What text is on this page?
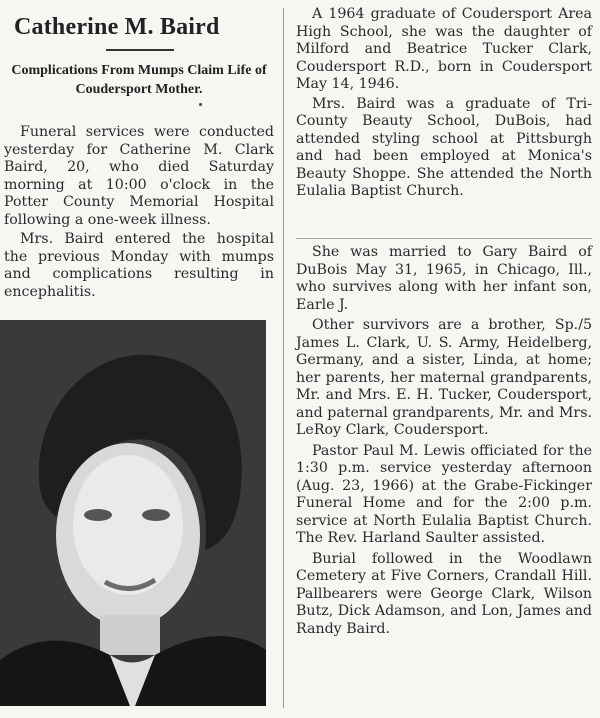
Catherine M. Baird
Complications From Mumps Claim Life of Coudersport Mother.

Funeral services were conducted yesterday for Catherine M. Clark Baird, 20, who died Saturday morning at 10:00 o'clock in the Potter County Memorial Hospital following a one-week illness.

Mrs. Baird entered the hospital the previous Monday with mumps and complications resulting in encephalitis.

A 1964 graduate of Coudersport Area High School, she was the daughter of Milford and Beatrice Tucker Clark, Coudersport R.D., born in Coudersport May 14, 1946.

Mrs. Baird was a graduate of Tri-County Beauty School, DuBois, had attended styling school at Pittsburgh and had been employed at Monica's Beauty Shoppe. She attended the North Eulalia Baptist Church.

She was married to Gary Baird of DuBois May 31, 1965, in Chicago, Ill., who survives along with her infant son, Earle J.

Other survivors are a brother, Sp./5 James L. Clark, U. S. Army, Heidelberg, Germany, and a sister, Linda, at home; her parents, her maternal grandparents, Mr. and Mrs. E. H. Tucker, Coudersport, and paternal grandparents, Mr. and Mrs. LeRoy Clark, Coudersport.

Pastor Paul M. Lewis officiated for the 1:30 p.m. service yesterday afternoon (Aug. 23, 1966) at the Grabe-Fickinger Funeral Home and for the 2:00 p.m. service at North Eulalia Baptist Church. The Rev. Harland Saulter assisted.

Burial followed in the Woodlawn Cemetery at Five Corners, Crandall Hill. Pallbearers were George Clark, Wilson Butz, Dick Adamson, and Lon, James and Randy Baird.
